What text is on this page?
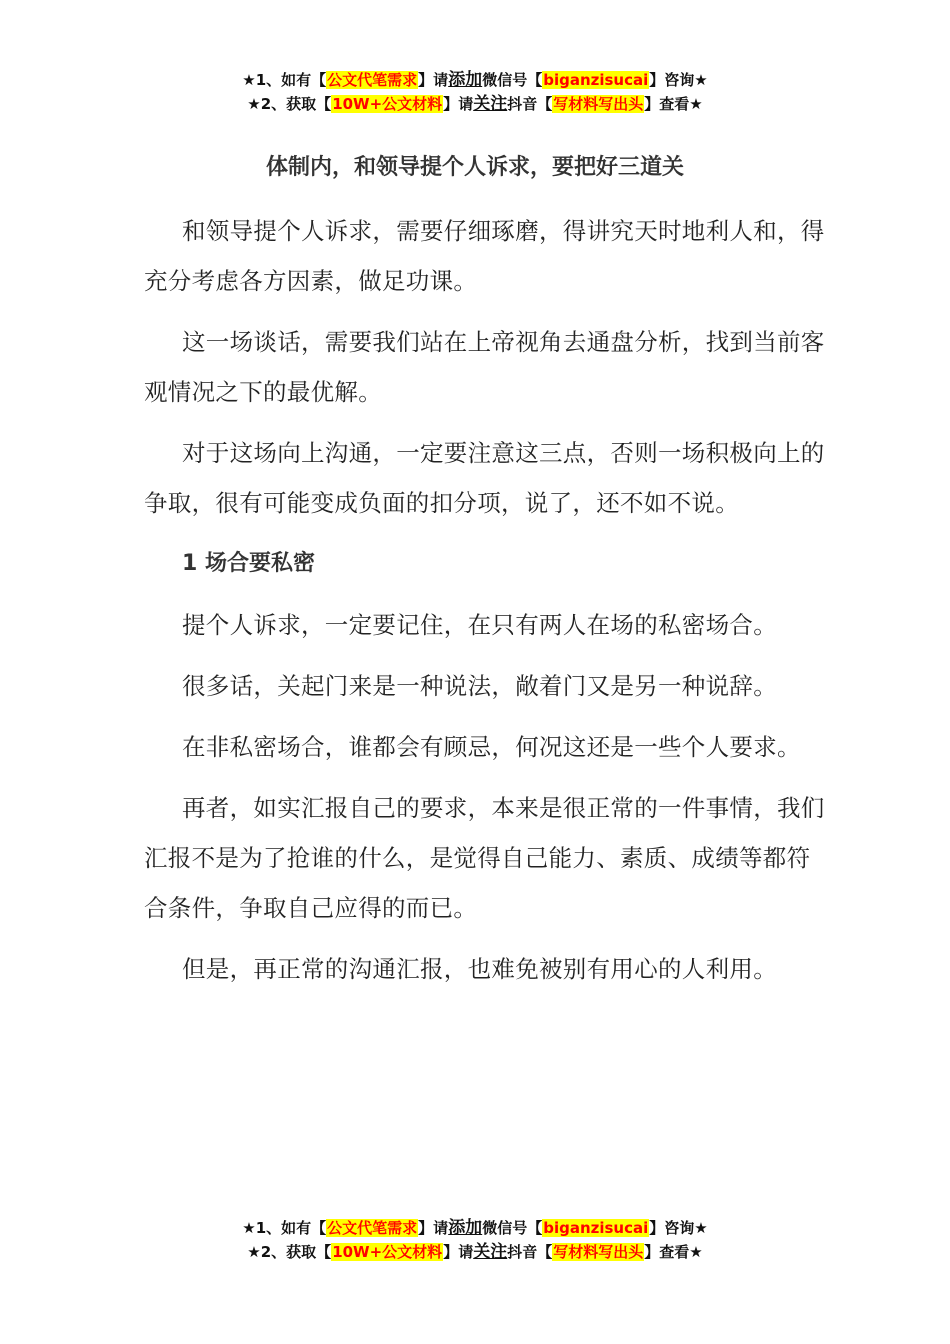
★1、如有【公文代笔需求】请添加微信号【biganzisucai】咨询★
★2、获取【10W+公文材料】请关注抖音【写材料写出头】查看★
体制内，和领导提个人诉求，要把好三道关

和领导提个人诉求，需要仔细琢磨，得讲究天时地利人和，得充分考虑各方因素，做足功课。

这一场谈话，需要我们站在上帝视角去通盘分析，找到当前客观情况之下的最优解。

对于这场向上沟通，一定要注意这三点，否则一场积极向上的争取，很有可能变成负面的扣分项，说了，还不如不说。

1 场合要私密

提个人诉求，一定要记住，在只有两人在场的私密场合。

很多话，关起门来是一种说法，敞着门又是另一种说辞。

在非私密场合，谁都会有顾忌，何况这还是一些个人要求。

再者，如实汇报自己的要求，本来是很正常的一件事情，我们汇报不是为了抢谁的什么，是觉得自己能力、素质、成绩等都符合条件，争取自己应得的而已。

但是，再正常的沟通汇报，也难免被别有用心的人利用。

★1、如有【公文代笔需求】请添加微信号【biganzisucai】咨询★
★2、获取【10W+公文材料】请关注抖音【写材料写出头】查看★
